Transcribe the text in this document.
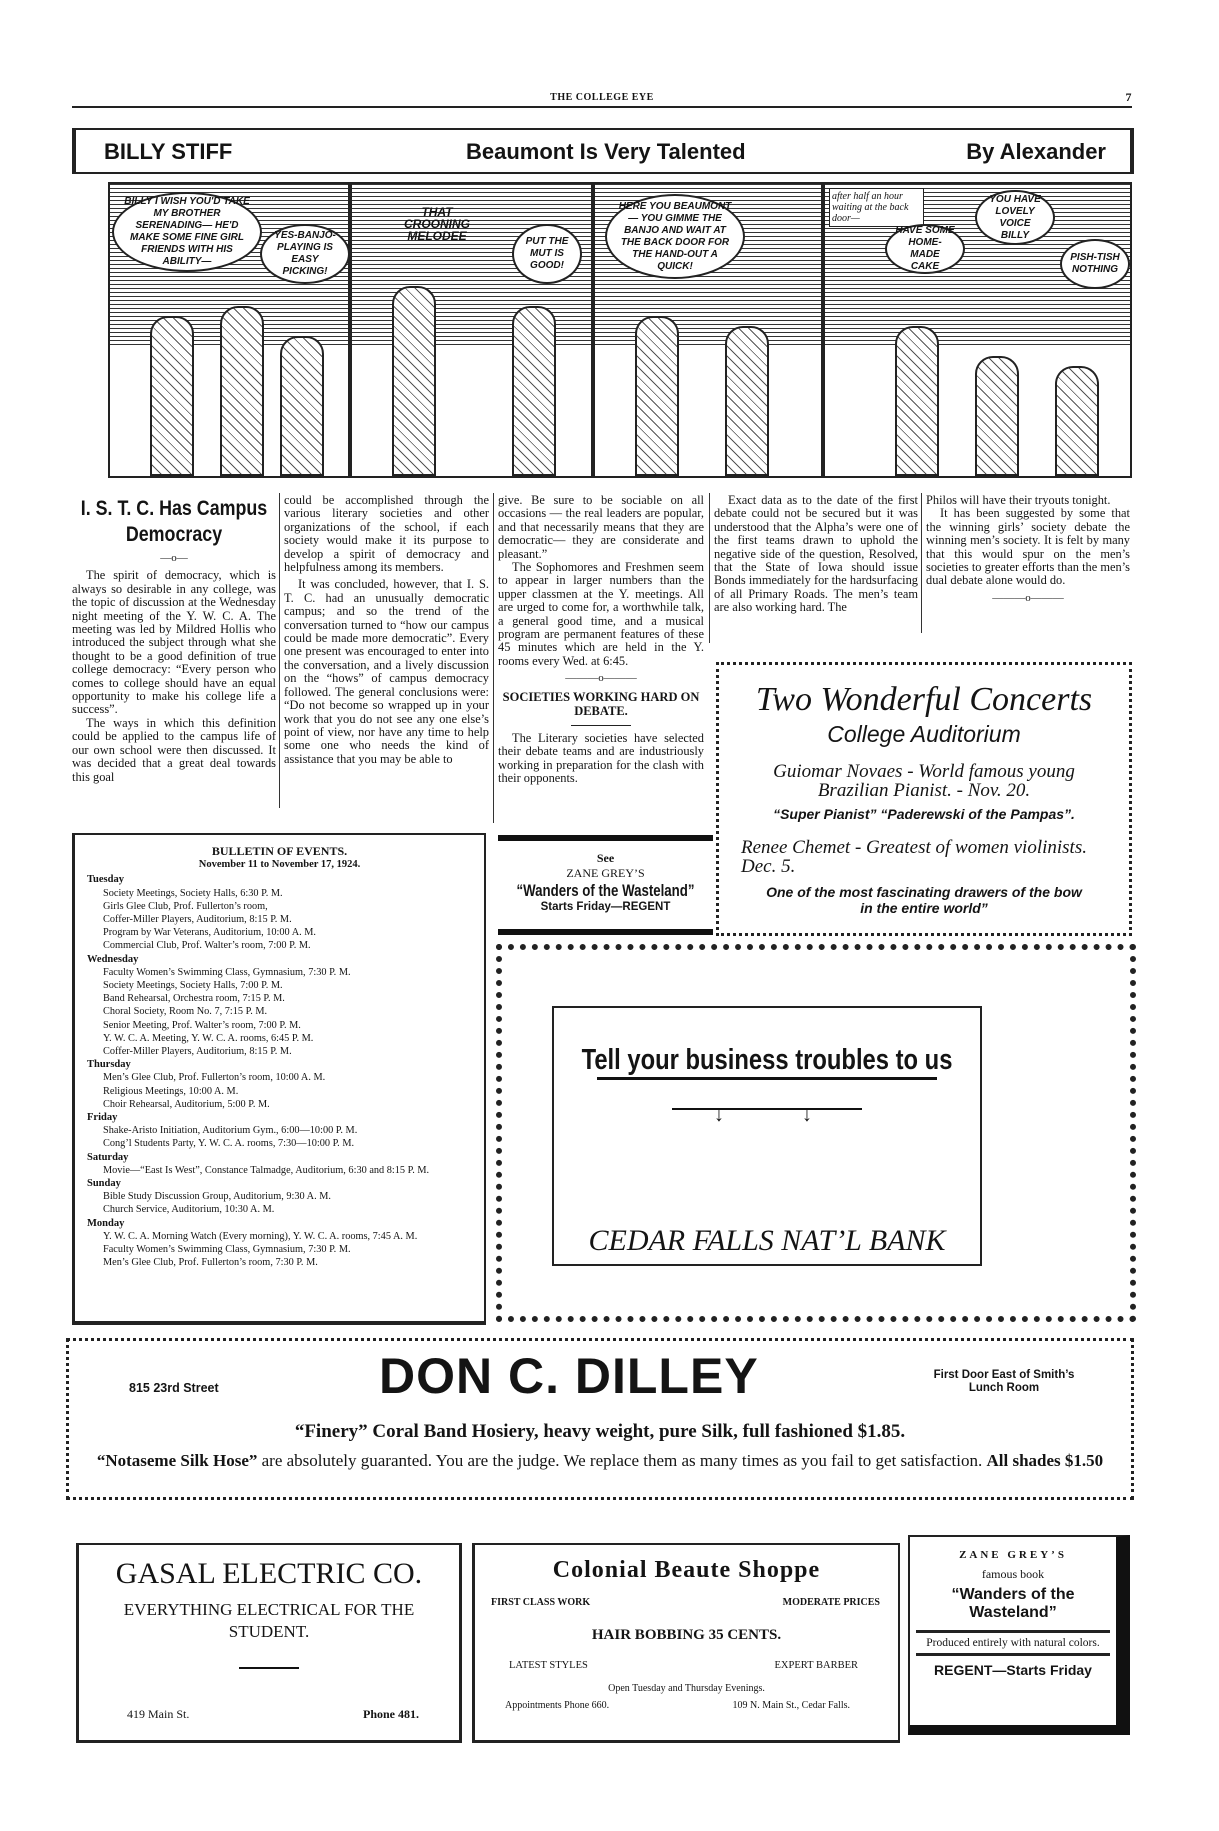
THE COLLEGE EYE	7
BILLY STIFF	Beaumont Is Very Talented	By Alexander
BILLY I WISH YOU'D TAKE MY BROTHER SERENADING— HE'D MAKE SOME FINE GIRL FRIENDS WITH HIS ABILITY—
YES-BANJO-PLAYING IS EASY PICKING!
THAT CROONING MELODEE	PUT THE MUT IS GOOD!
HERE YOU BEAUMONT— YOU GIMME THE BANJO AND WAIT AT THE BACK DOOR FOR THE HAND-OUT A QUICK!
after half an hour waiting at the back door—
HAVE SOME HOME-MADE CAKE
YOU HAVE LOVELY VOICE BILLY
PISH-TISH NOTHING
I. S. T. C. Has Campus Democracy
—o—

The spirit of democracy, which is always so desirable in any college, was the topic of discussion at the Wednesday night meeting of the Y. W. C. A. The meeting was led by Mildred Hollis who introduced the subject through what she thought to be a good definition of true college democracy: “Every person who comes to college should have an equal opportunity to make his college life a success”.

The ways in which this definition could be applied to the campus life of our own school were then discussed. It was decided that a great deal towards this goal

could be accomplished through the various literary societies and other organizations of the school, if each society would make it its purpose to develop a spirit of democracy and helpfulness among its members.

It was concluded, however, that I. S. T. C. had an unusually democratic campus; and so the trend of the conversation turned to “how our campus could be made more democratic”. Every one present was encouraged to enter into the conversation, and a lively discussion on the “hows” of campus democracy followed. The general conclusions were: “Do not become so wrapped up in your work that you do not see any one else’s point of view, nor have any time to help some one who needs the kind of assistance that you may be able to

give. Be sure to be sociable on all occasions — the real leaders are popular, and that necessarily means that they are democratic— they are considerate and pleasant.”

The Sophomores and Freshmen seem to appear in larger numbers than the upper classmen at the Y. meetings. All are urged to come for, a worthwhile talk, a general good time, and a musical program are permanent features of these 45 minutes which are held in the Y. rooms every Wed. at 6:45.

———o———
SOCIETIES WORKING HARD ON DEBATE.

The Literary societies have selected their debate teams and are industriously working in preparation for the clash with their opponents.

Exact data as to the date of the first debate could not be secured but it was understood that the Alpha’s were one of the first teams drawn to uphold the negative side of the question, Resolved, that the State of Iowa should issue Bonds immediately for the hardsurfacing of all Primary Roads. The men’s team are also working hard. The

Philos will have their tryouts tonight.

It has been suggested by some that the winning girls’ society debate the winning men’s society. It is felt by many that this would spur on the men’s societies to greater efforts than the men’s dual debate alone would do.

———o———
BULLETIN OF EVENTS.
November 11 to November 17, 1924.
Tuesday
Society Meetings, Society Halls, 6:30 P. M.
Girls Glee Club, Prof. Fullerton’s room,
Coffer-Miller Players, Auditorium, 8:15 P. M.
Program by War Veterans, Auditorium, 10:00 A. M.
Commercial Club, Prof. Walter’s room, 7:00 P. M.
Wednesday
Faculty Women’s Swimming Class, Gymnasium, 7:30 P. M.
Society Meetings, Society Halls, 7:00 P. M.
Band Rehearsal, Orchestra room, 7:15 P. M.
Choral Society, Room No. 7, 7:15 P. M.
Senior Meeting, Prof. Walter’s room, 7:00 P. M.
Y. W. C. A. Meeting, Y. W. C. A. rooms, 6:45 P. M.
Coffer-Miller Players, Auditorium, 8:15 P. M.
Thursday
Men’s Glee Club, Prof. Fullerton’s room, 10:00 A. M.
Religious Meetings, 10:00 A. M.
Choir Rehearsal, Auditorium, 5:00 P. M.
Friday
Shake-Aristo Initiation, Auditorium Gym., 6:00—10:00 P. M.
Cong’l Students Party, Y. W. C. A. rooms, 7:30—10:00 P. M.
Saturday
Movie—“East Is West”, Constance Talmadge, Auditorium, 6:30 and 8:15 P. M.
Sunday
Bible Study Discussion Group, Auditorium, 9:30 A. M.
Church Service, Auditorium, 10:30 A. M.
Monday
Y. W. C. A. Morning Watch (Every morning), Y. W. C. A. rooms, 7:45 A. M.
Faculty Women’s Swimming Class, Gymnasium, 7:30 P. M.
Men’s Glee Club, Prof. Fullerton’s room, 7:30 P. M.
See
ZANE GREY’S
“Wanders of the Wasteland”
Starts Friday—REGENT
Two Wonderful Concerts
College Auditorium
Guiomar Novaes - World famous young Brazilian Pianist. - Nov. 20.
“Super Pianist” “Paderewski of the Pampas”.
Renee Chemet - Greatest of women violinists. Dec. 5.
One of the most fascinating drawers of the bow in the entire world”
Tell your business troubles to us
↓	↓
CEDAR FALLS NAT’L BANK
815 23rd Street	DON C. DILLEY	First Door East of Smith’s Lunch Room
“Finery” Coral Band Hosiery, heavy weight, pure Silk, full fashioned $1.85.
“Notaseme Silk Hose” are absolutely guaranted. You are the judge. We replace them as many times as you fail to get satisfaction. All shades $1.50
GASAL ELECTRIC CO.
EVERYTHING ELECTRICAL FOR THE STUDENT.
419 Main St.	Phone 481.
Colonial Beaute Shoppe
FIRST CLASS WORK	MODERATE PRICES
HAIR BOBBING 35 CENTS.
LATEST STYLES	EXPERT BARBER
Open Tuesday and Thursday Evenings.
Appointments Phone 660.	109 N. Main St., Cedar Falls.
ZANE GREY’S
famous book
“Wanders of the Wasteland”
Produced entirely with natural colors.
REGENT—Starts Friday
